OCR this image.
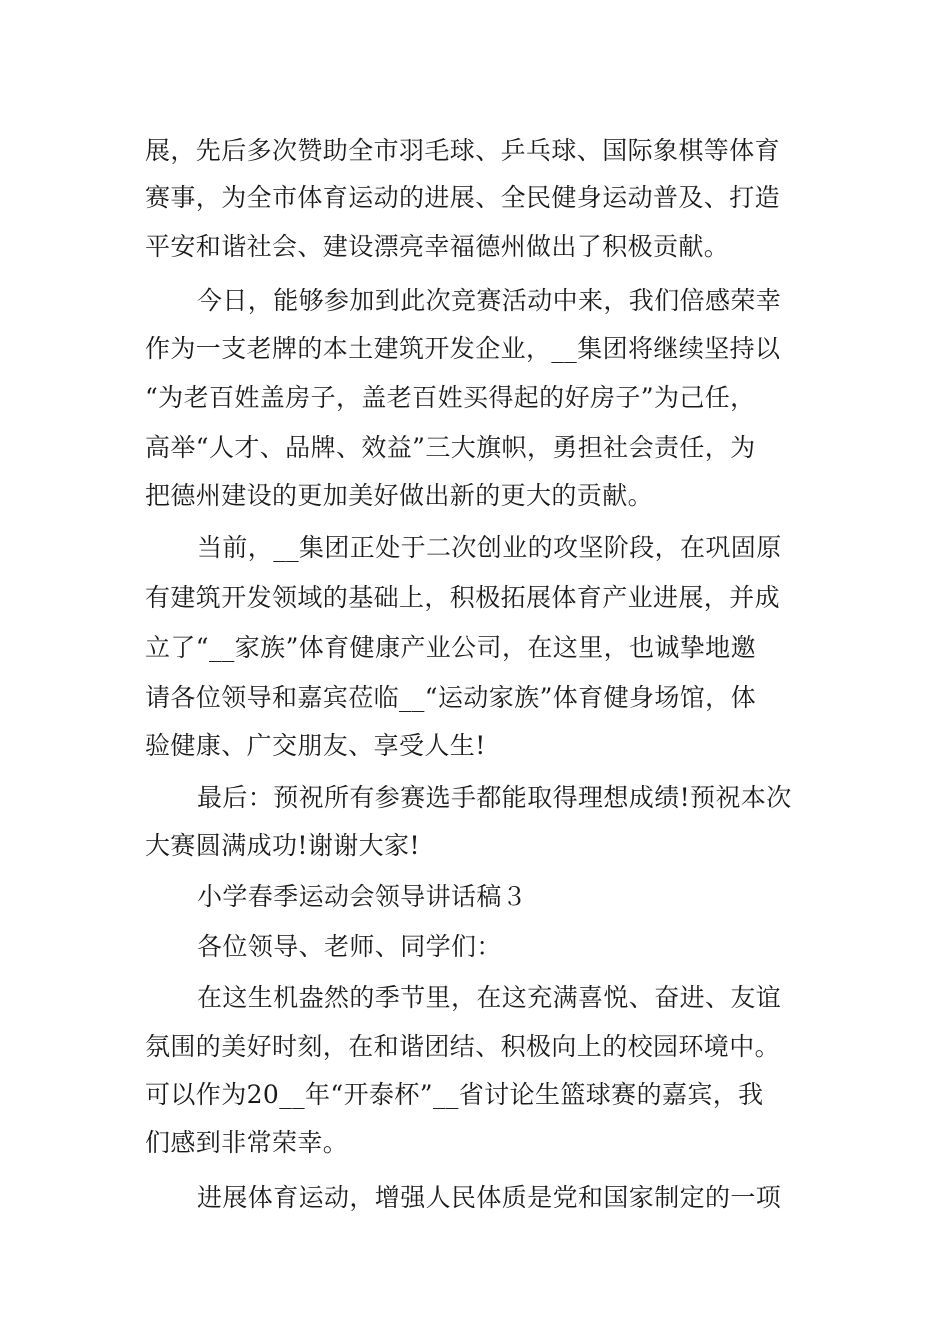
展，先后多次赞助全市羽毛球、乒乓球、国际象棋等体育
赛事，为全市体育运动的进展、全民健身运动普及、打造
平安和谐社会、建设漂亮幸福德州做出了积极贡献。
今日，能够参加到此次竞赛活动中来，我们倍感荣幸
作为一支老牌的本土建筑开发企业，__集团将继续坚持以
“为老百姓盖房子，盖老百姓买得起的好房子”为己任，
高举“人才、品牌、效益”三大旗帜，勇担社会责任，为
把德州建设的更加美好做出新的更大的贡献。
当前，__集团正处于二次创业的攻坚阶段，在巩固原
有建筑开发领域的基础上，积极拓展体育产业进展，并成
立了“__家族”体育健康产业公司，在这里，也诚挚地邀
请各位领导和嘉宾莅临__“运动家族”体育健身场馆，体
验健康、广交朋友、享受人生!
最后：预祝所有参赛选手都能取得理想成绩!预祝本次
大赛圆满成功!谢谢大家!
小学春季运动会领导讲话稿３
各位领导、老师、同学们：
在这生机盎然的季节里，在这充满喜悦、奋进、友谊
氛围的美好时刻，在和谐团结、积极向上的校园环境中。
可以作为20__年“开泰杯”__省讨论生篮球赛的嘉宾，我
们感到非常荣幸。
进展体育运动，增强人民体质是党和国家制定的一项
